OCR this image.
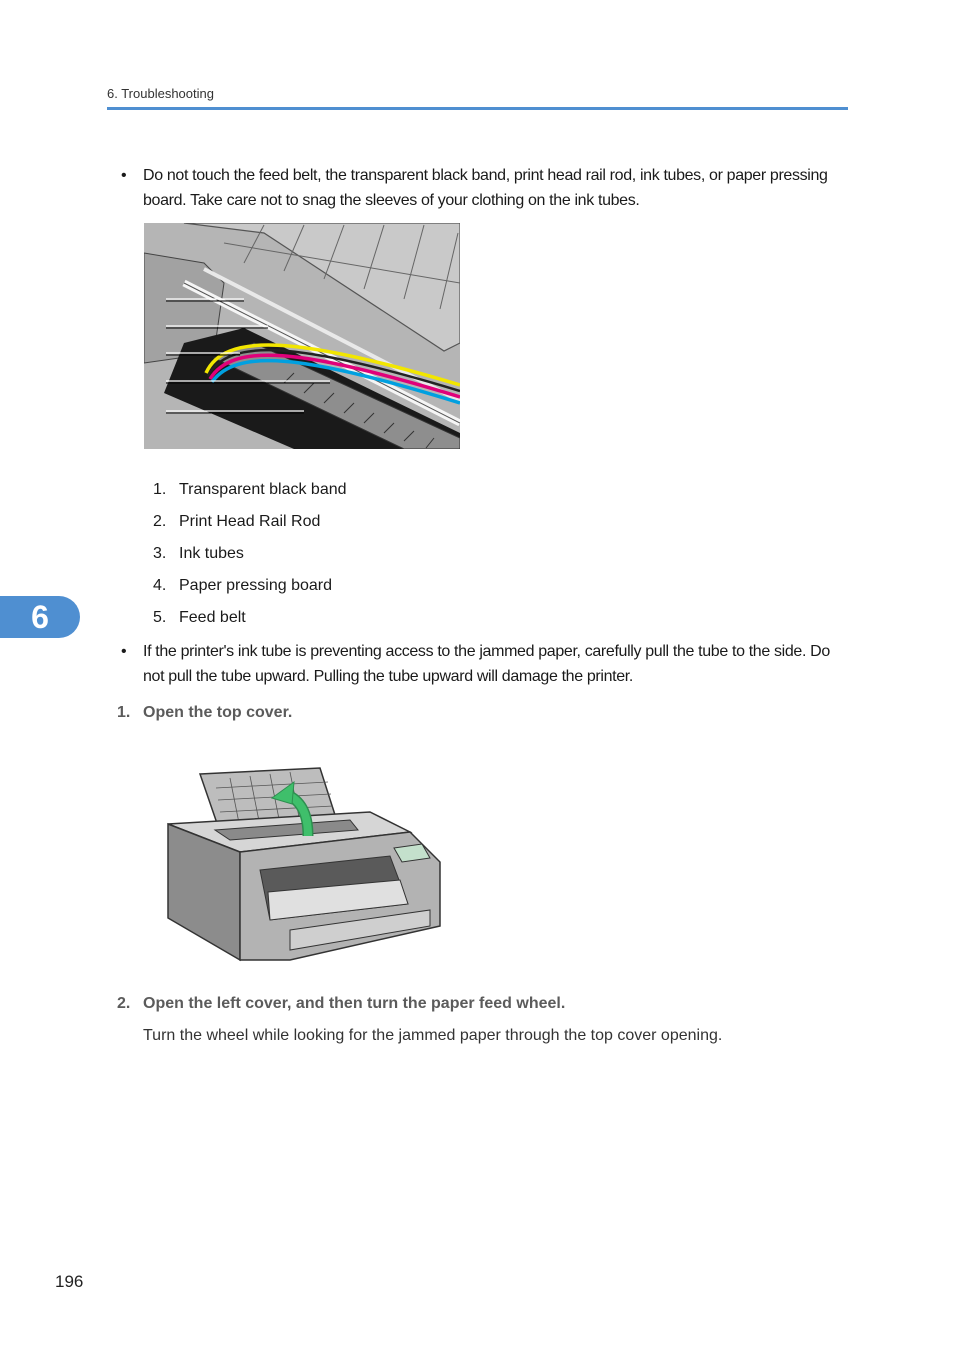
6. Troubleshooting
• Do not touch the feed belt, the transparent black band, print head rail rod, ink tubes, or paper pressing board. Take care not to snag the sleeves of your clothing on the ink tubes.
1. Transparent black band
2. Print Head Rail Rod
3. Ink tubes
4. Paper pressing board
5. Feed belt
6
• If the printer's ink tube is preventing access to the jammed paper, carefully pull the tube to the side. Do not pull the tube upward. Pulling the tube upward will damage the printer.
1. Open the top cover.
2. Open the left cover, and then turn the paper feed wheel.
Turn the wheel while looking for the jammed paper through the top cover opening.
196
